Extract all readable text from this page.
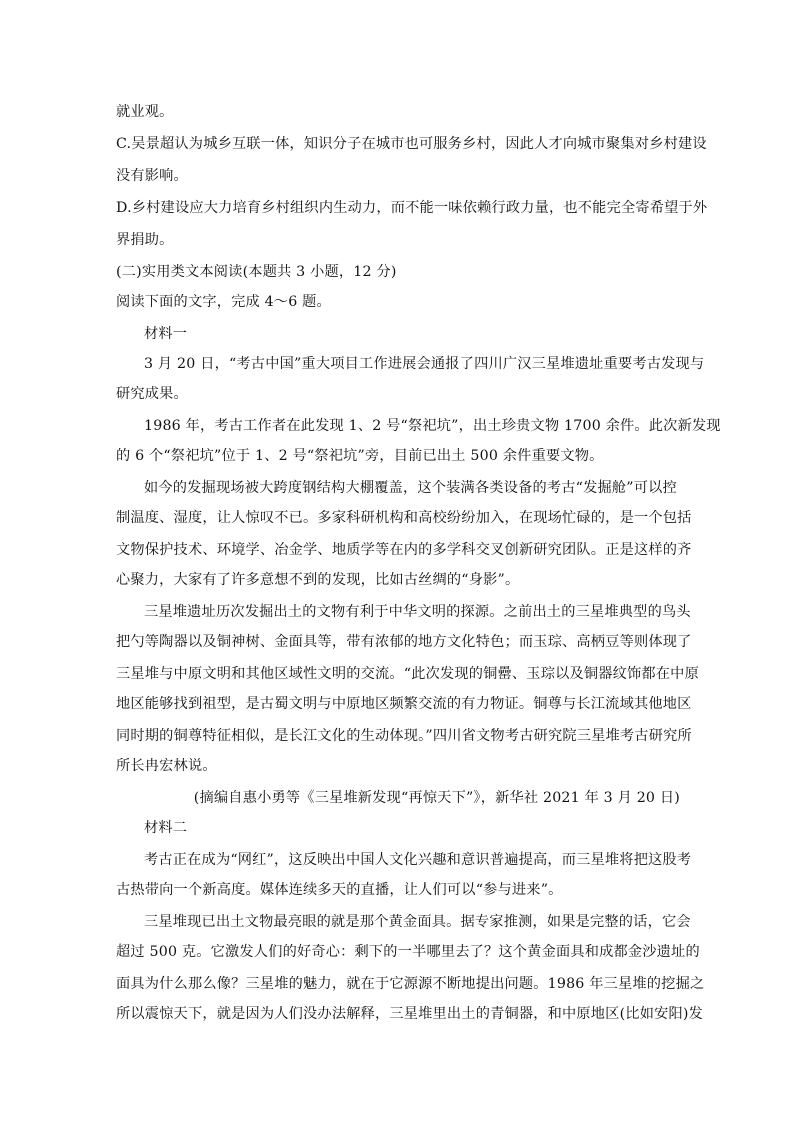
就业观。
C.吴景超认为城乡互联一体，知识分子在城市也可服务乡村，因此人才向城市聚集对乡村建设
没有影响。
D.乡村建设应大力培育乡村组织内生动力，而不能一味依赖行政力量，也不能完全寄希望于外
界捐助。
(二)实用类文本阅读(本题共 3 小题，12 分)
阅读下面的文字，完成 4～6 题。
材料一
3 月 20 日，“考古中国”重大项目工作进展会通报了四川广汉三星堆遗址重要考古发现与
研究成果。
1986 年，考古工作者在此发现 1、2 号“祭祀坑”，出土珍贵文物 1700 余件。此次新发现
的 6 个“祭祀坑”位于 1、2 号“祭祀坑”旁，目前已出土 500 余件重要文物。
如今的发掘现场被大跨度钢结构大棚覆盖，这个装满各类设备的考古“发掘舱”可以控
制温度、湿度，让人惊叹不已。多家科研机构和高校纷纷加入，在现场忙碌的，是一个包括
文物保护技术、环境学、冶金学、地质学等在内的多学科交叉创新研究团队。正是这样的齐
心聚力，大家有了许多意想不到的发现，比如古丝绸的“身影”。
三星堆遗址历次发掘出土的文物有利于中华文明的探源。之前出土的三星堆典型的鸟头
把勺等陶器以及铜神树、金面具等，带有浓郁的地方文化特色；而玉琮、高柄豆等则体现了
三星堆与中原文明和其他区域性文明的交流。“此次发现的铜罍、玉琮以及铜器纹饰都在中原
地区能够找到祖型，是古蜀文明与中原地区频繁交流的有力物证。铜尊与长江流域其他地区
同时期的铜尊特征相似，是长江文化的生动体现。”四川省文物考古研究院三星堆考古研究所
所长冉宏林说。
(摘编自惠小勇等《三星堆新发现“再惊天下”》，新华社 2021 年 3 月 20 日)
材料二
考古正在成为“网红”，这反映出中国人文化兴趣和意识普遍提高，而三星堆将把这股考
古热带向一个新高度。媒体连续多天的直播，让人们可以“参与进来”。
三星堆现已出土文物最亮眼的就是那个黄金面具。据专家推测，如果是完整的话，它会
超过 500 克。它激发人们的好奇心：剩下的一半哪里去了？这个黄金面具和成都金沙遗址的
面具为什么那么像？三星堆的魅力，就在于它源源不断地提出问题。1986 年三星堆的挖掘之
所以震惊天下，就是因为人们没办法解释，三星堆里出土的青铜器，和中原地区(比如安阳)发
